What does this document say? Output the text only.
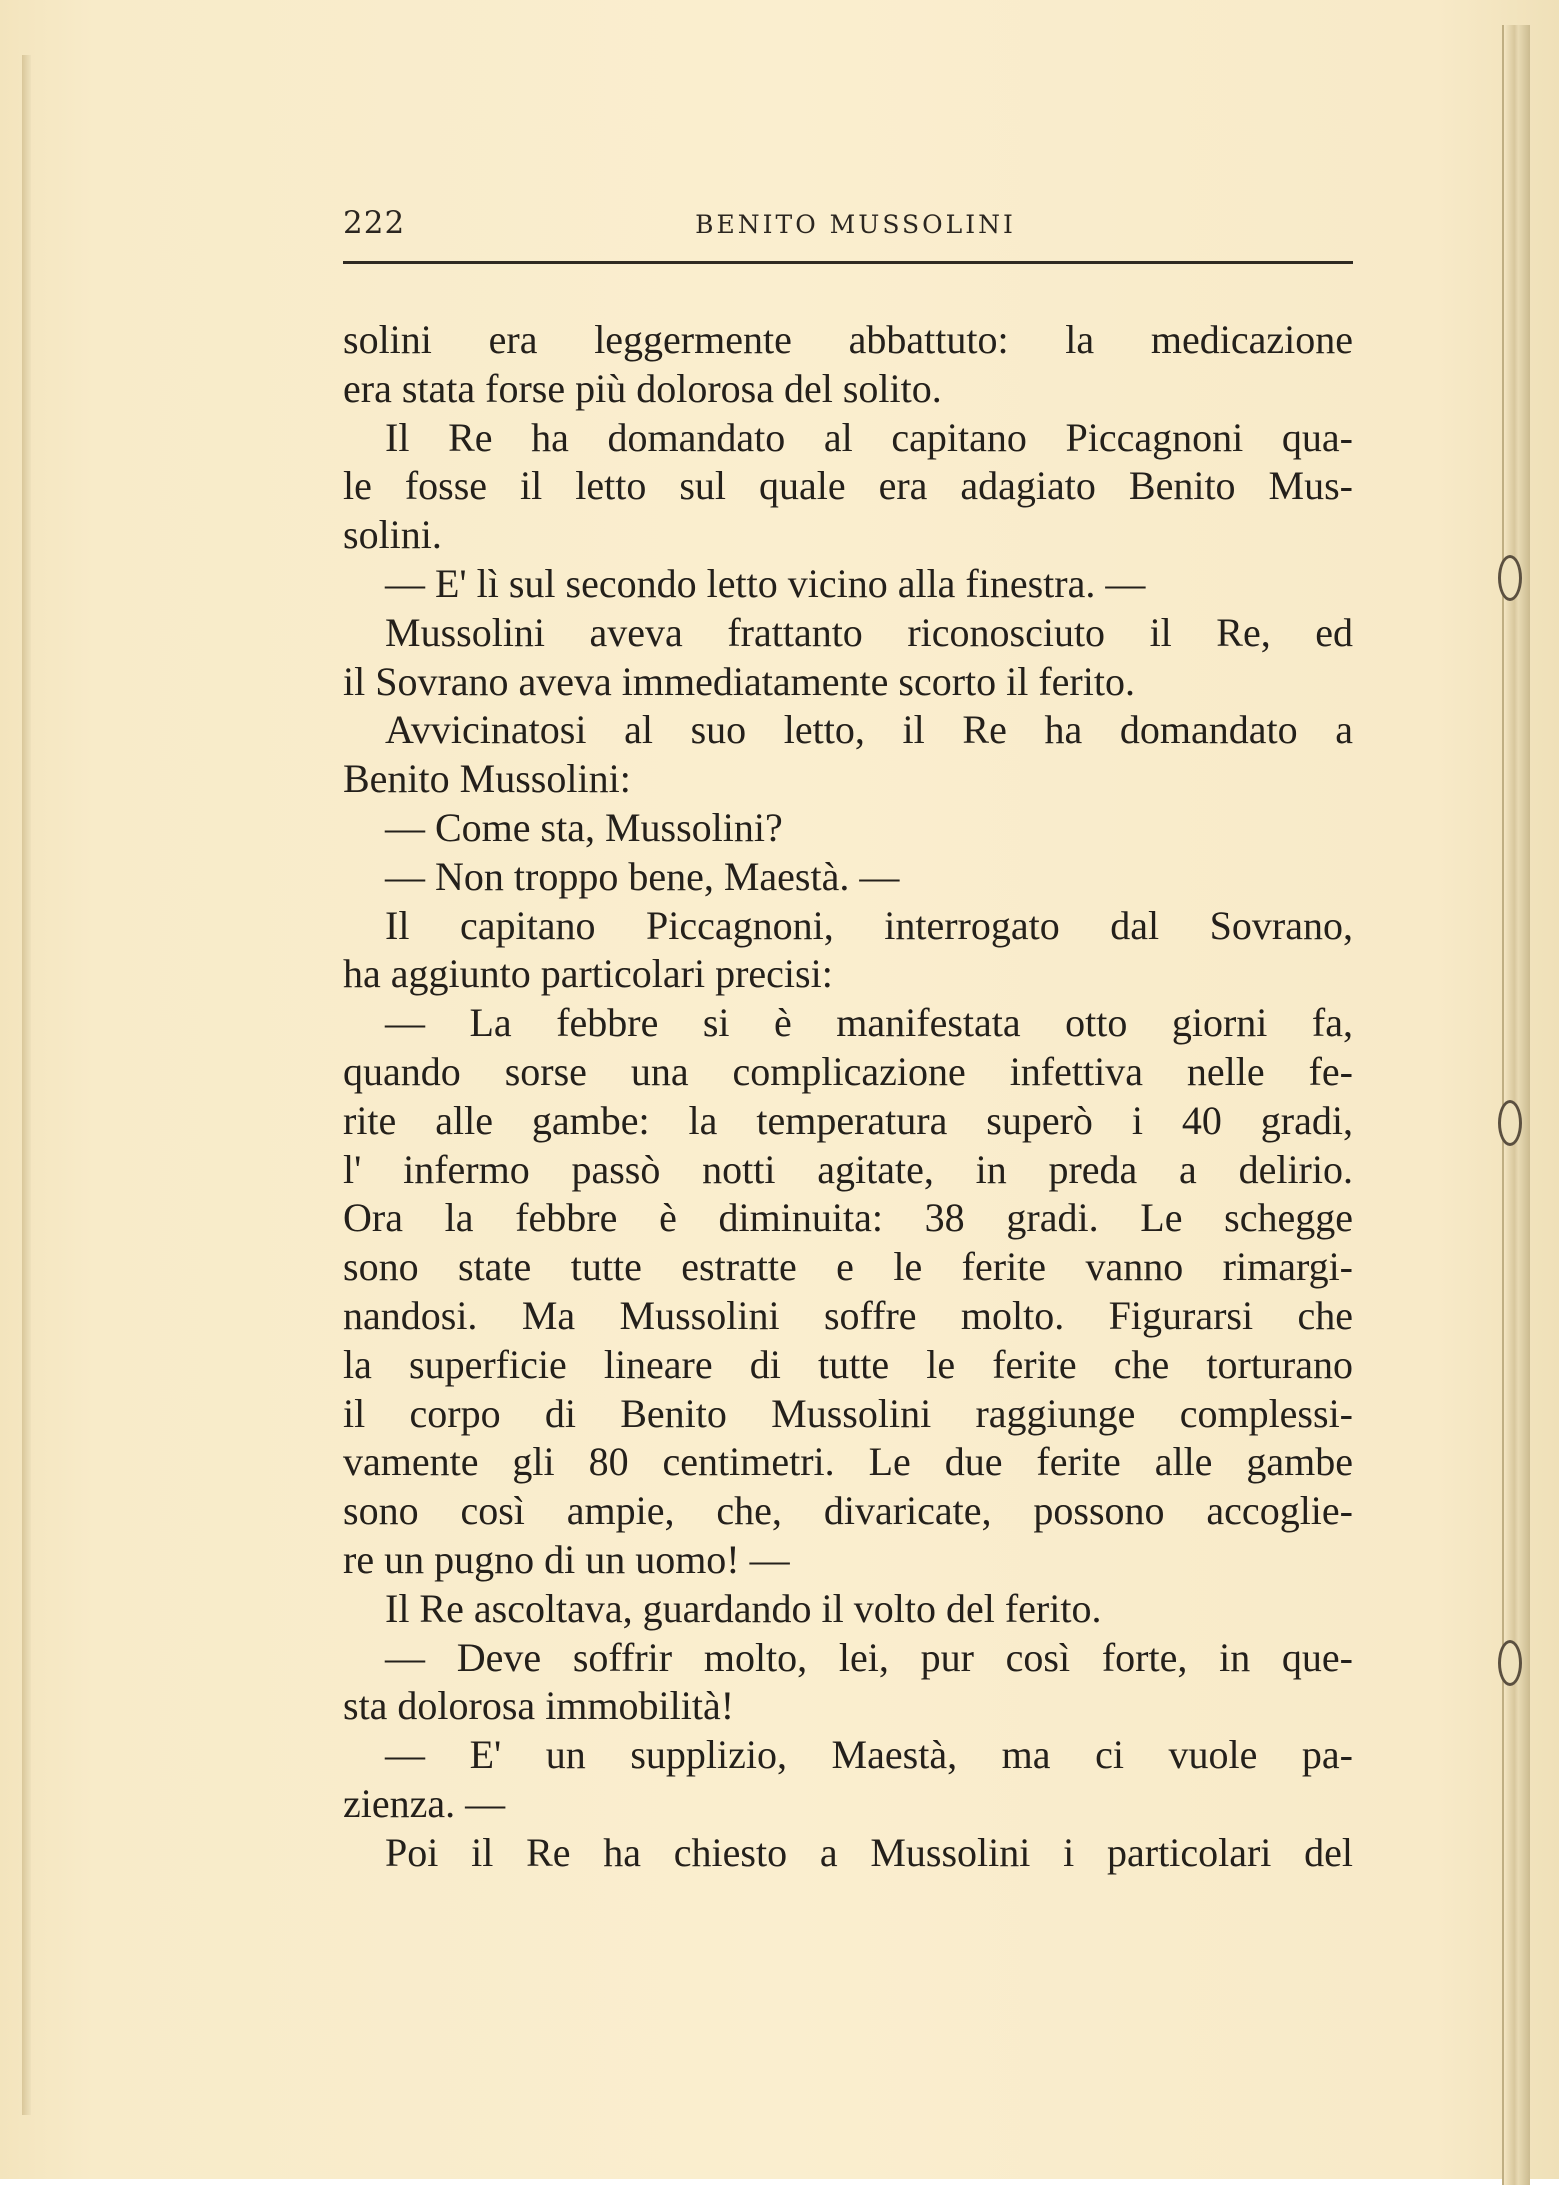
222	BENITO MUSSOLINI
solini era leggermente abbattuto: la medicazione
era stata forse più dolorosa del solito.
Il Re ha domandato al capitano Piccagnoni qua-
le fosse il letto sul quale era adagiato Benito Mus-
solini.
— E' lì sul secondo letto vicino alla finestra. —
Mussolini aveva frattanto riconosciuto il Re, ed
il Sovrano aveva immediatamente scorto il ferito.
Avvicinatosi al suo letto, il Re ha domandato a
Benito Mussolini:
— Come sta, Mussolini?
— Non troppo bene, Maestà. —
Il capitano Piccagnoni, interrogato dal Sovrano,
ha aggiunto particolari precisi:
— La febbre si è manifestata otto giorni fa,
quando sorse una complicazione infettiva nelle fe-
rite alle gambe: la temperatura superò i 40 gradi,
l' infermo passò notti agitate, in preda a delirio.
Ora la febbre è diminuita: 38 gradi. Le schegge
sono state tutte estratte e le ferite vanno rimargi-
nandosi. Ma Mussolini soffre molto. Figurarsi che
la superficie lineare di tutte le ferite che torturano
il corpo di Benito Mussolini raggiunge complessi-
vamente gli 80 centimetri. Le due ferite alle gambe
sono così ampie, che, divaricate, possono accoglie-
re un pugno di un uomo! —
Il Re ascoltava, guardando il volto del ferito.
— Deve soffrir molto, lei, pur così forte, in que-
sta dolorosa immobilità!
— E' un supplizio, Maestà, ma ci vuole pa-
zienza. —
Poi il Re ha chiesto a Mussolini i particolari del
